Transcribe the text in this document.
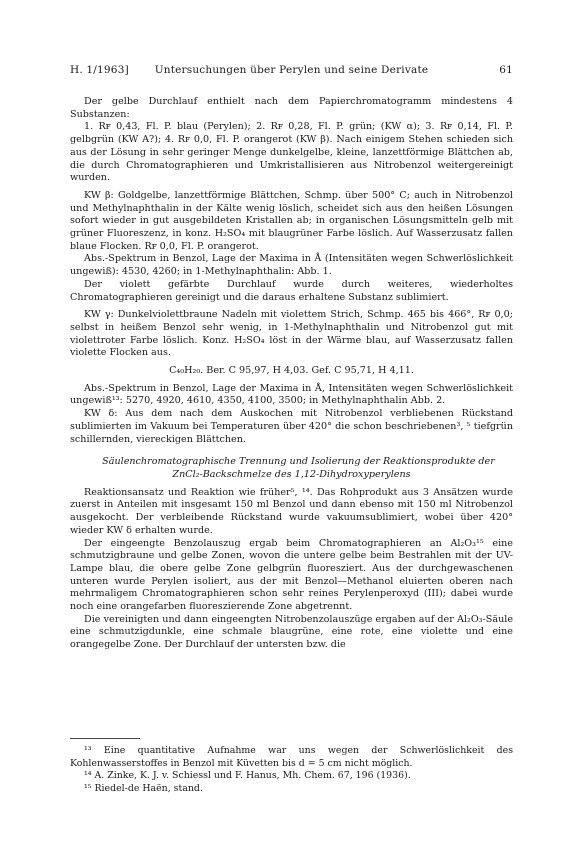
H. 1/1963]	Untersuchungen über Perylen und seine Derivate	61

Der gelbe Durchlauf enthielt nach dem Papierchromatogramm mindestens 4 Substanzen:

1. Rꜰ 0,43, Fl. P. blau (Perylen); 2. Rꜰ 0,28, Fl. P. grün; (KW α); 3. Rꜰ 0,14, Fl. P. gelbgrün (KW A?); 4. Rꜰ 0,0, Fl. P. orangerot (KW β). Nach einigem Stehen schieden sich aus der Lösung in sehr geringer Menge dunkelgelbe, kleine, lanzettförmige Blättchen ab, die durch Chromatographieren und Umkristallisieren aus Nitrobenzol weitergereinigt wurden.

KW β: Goldgelbe, lanzettförmige Blättchen, Schmp. über 500° C; auch in Nitrobenzol und Methylnaphthalin in der Kälte wenig löslich, scheidet sich aus den heißen Lösungen sofort wieder in gut ausgebildeten Kristallen ab; in organischen Lösungsmitteln gelb mit grüner Fluoreszenz, in konz. H₂SO₄ mit blaugrüner Farbe löslich. Auf Wasserzusatz fallen blaue Flocken. Rꜰ 0,0, Fl. P. orangerot.

Abs.-Spektrum in Benzol, Lage der Maxima in Å (Intensitäten wegen Schwerlöslichkeit ungewiß): 4530, 4260; in 1-Methylnaphthalin: Abb. 1.

Der violett gefärbte Durchlauf wurde durch weiteres, wiederholtes Chromatographieren gereinigt und die daraus erhaltene Substanz sublimiert.

KW γ: Dunkelviolettbraune Nadeln mit violettem Strich, Schmp. 465 bis 466°, Rꜰ 0,0; selbst in heißem Benzol sehr wenig, in 1-Methylnaphthalin und Nitrobenzol gut mit violettroter Farbe löslich. Konz. H₂SO₄ löst in der Wärme blau, auf Wasserzusatz fallen violette Flocken aus.

C₄₀H₂₀. Ber. C 95,97, H 4,03. Gef. C 95,71, H 4,11.

Abs.-Spektrum in Benzol, Lage der Maxima in Å, Intensitäten wegen Schwerlöslichkeit ungewiß¹³: 5270, 4920, 4610, 4350, 4100, 3500; in Methylnaphthalin Abb. 2.

KW δ: Aus dem nach dem Auskochen mit Nitrobenzol verbliebenen Rückstand sublimierten im Vakuum bei Temperaturen über 420° die schon beschriebenen³, ⁵ tiefgrün schillernden, viereckigen Blättchen.

Säulenchromatographische Trennung und Isolierung der Reaktionsprodukte der ZnCl₂-Backschmelze des 1,12-Dihydroxyperylens

Reaktionsansatz und Reaktion wie früher⁵, ¹⁴. Das Rohprodukt aus 3 Ansätzen wurde zuerst in Anteilen mit insgesamt 150 ml Benzol und dann ebenso mit 150 ml Nitrobenzol ausgekocht. Der verbleibende Rückstand wurde vakuumsublimiert, wobei über 420° wieder KW δ erhalten wurde.

Der eingeengte Benzolauszug ergab beim Chromatographieren an Al₂O₃¹⁵ eine schmutzigbraune und gelbe Zonen, wovon die untere gelbe beim Bestrahlen mit der UV-Lampe blau, die obere gelbe Zone gelbgrün fluoresziert. Aus der durchgewaschenen unteren wurde Perylen isoliert, aus der mit Benzol—Methanol eluierten oberen nach mehrmaligem Chromatographieren schon sehr reines Perylenperoxyd (III); dabei wurde noch eine orangefarben fluoreszierende Zone abgetrennt.

Die vereinigten und dann eingeengten Nitrobenzolauszüge ergaben auf der Al₂O₃-Säule eine schmutzigdunkle, eine schmale blaugrüne, eine rote, eine violette und eine orangegelbe Zone. Der Durchlauf der untersten bzw. die

¹³ Eine quantitative Aufnahme war uns wegen der Schwerlöslichkeit des Kohlenwasserstoffes in Benzol mit Küvetten bis d = 5 cm nicht möglich.

¹⁴ A. Zinke, K. J. v. Schiessl und F. Hanus, Mh. Chem. 67, 196 (1936).

¹⁵ Riedel-de Haën, stand.
